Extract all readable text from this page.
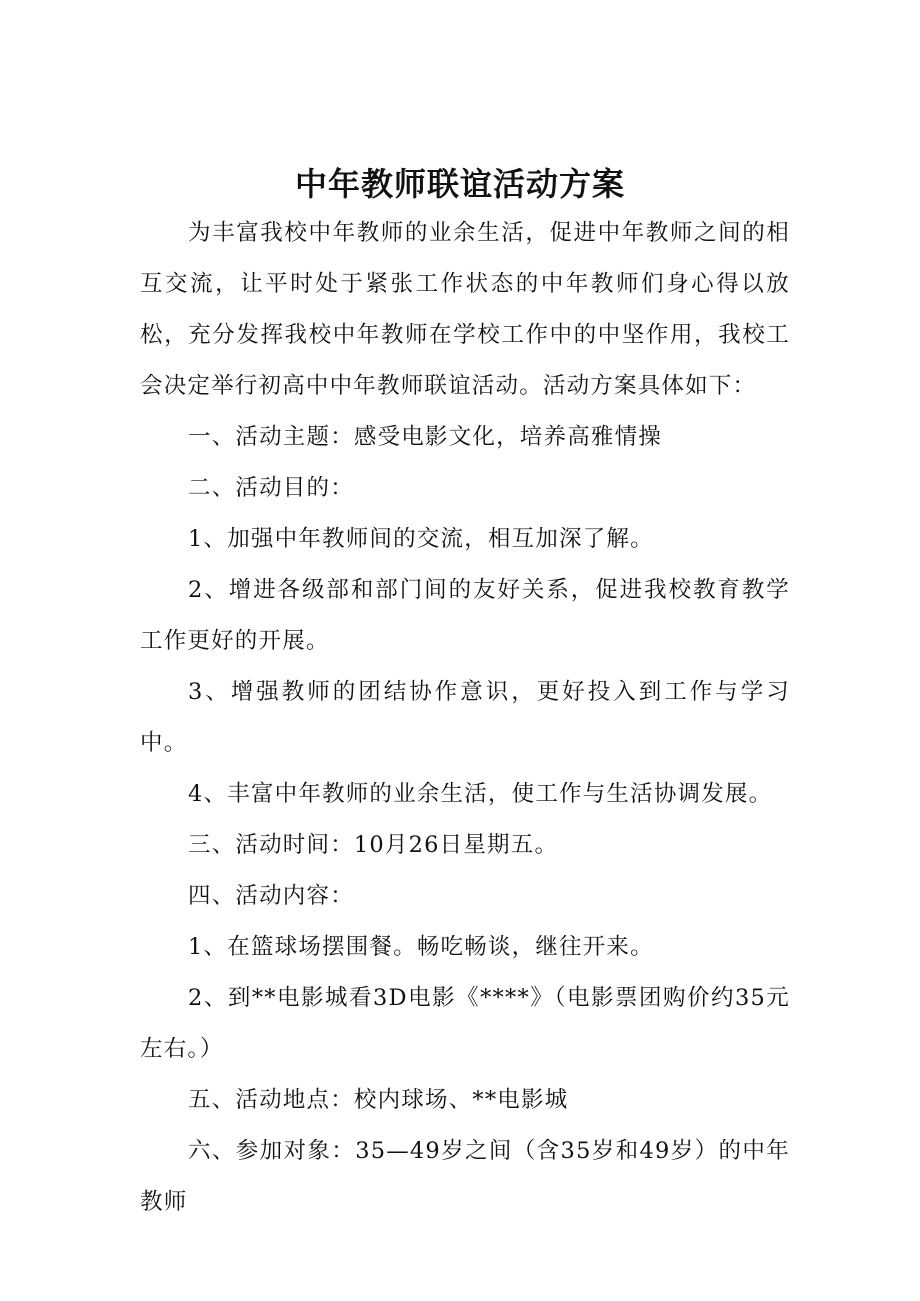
中年教师联谊活动方案

为丰富我校中年教师的业余生活，促进中年教师之间的相互交流，让平时处于紧张工作状态的中年教师们身心得以放松，充分发挥我校中年教师在学校工作中的中坚作用，我校工会决定举行初高中中年教师联谊活动。活动方案具体如下：

一、活动主题：感受电影文化，培养高雅情操

二、活动目的：

1、加强中年教师间的交流，相互加深了解。

2、增进各级部和部门间的友好关系，促进我校教育教学工作更好的开展。

3、增强教师的团结协作意识，更好投入到工作与学习中。

4、丰富中年教师的业余生活，使工作与生活协调发展。

三、活动时间：10月26日星期五。

四、活动内容：

1、在篮球场摆围餐。畅吃畅谈，继往开来。

2、到**电影城看3D电影《****》（电影票团购价约35元左右。）

五、活动地点：校内球场、**电影城

六、参加对象：35—49岁之间（含35岁和49岁）的中年教师
